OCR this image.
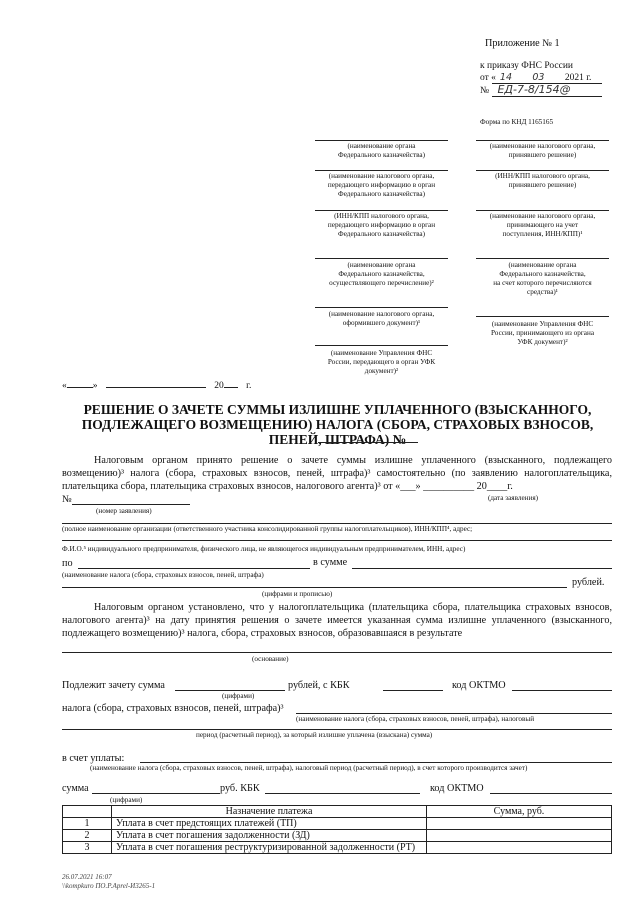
Приложение № 1
к приказу ФНС России
от « 14 03 2021 г.
№ ЕД-7-8/154@
Форма по КНД 1165165
(наименование органа
Федерального казначейства)
(наименование налогового органа,
передающего информацию в орган
Федерального казначейства)
(ИНН/КПП налогового органа,
передающего информацию в орган
Федерального казначейства)
(наименование органа
Федерального казначейства,
осуществляющего перечисление)²
(наименование налогового органа,
оформившего документ)¹
(наименование Управления ФНС
России, передающего в орган УФК
документ)²
(наименование налогового органа,
принявшего решение)
(ИНН/КПП налогового органа,
принявшего решение)
(наименование налогового органа,
принимающего на учет
поступления, ИНН/КПП)¹
(наименование органа
Федерального казначейства,
на счет которого перечисляются
средства)¹
(наименование Управления ФНС
России, принимающего из органа
УФК документ)²
«	»	20 г.
РЕШЕНИЕ О ЗАЧЕТЕ СУММЫ ИЗЛИШНЕ УПЛАЧЕННОГО (ВЗЫСКАННОГО, ПОДЛЕЖАЩЕГО ВОЗМЕЩЕНИЮ) НАЛОГА (СБОРА, СТРАХОВЫХ ВЗНОСОВ, ПЕНЕЙ, ШТРАФА) №
Налоговым органом принято решение о зачете суммы излишне уплаченного (взысканного, подлежащего возмещению)³ налога (сбора, страховых взносов, пеней, штрафа)³ самостоятельно (по заявлению налогоплательщика, плательщика сбора, плательщика страховых взносов, налогового агента)³ от «___» __________ 20____г.
№	(дата заявления)
(номер заявления)
(полное наименование организации (ответственного участника консолидированной группы налогоплательщиков), ИНН/КПП⁴, адрес;
Ф.И.О.⁵ индивидуального предпринимателя, физического лица, не являющегося индивидуальным предпринимателем, ИНН, адрес)
по	в сумме
(наименование налога (сбора, страховых взносов, пеней, штрафа)
рублей.
(цифрами и прописью)
Налоговым органом установлено, что у налогоплательщика (плательщика сбора, плательщика страховых взносов, налогового агента)³ на дату принятия решения о зачете имеется указанная сумма излишне уплаченного (взысканного, подлежащего возмещению)³ налога, сбора, страховых взносов, образовавшаяся в результате
(основание)
Подлежит зачету сумма	рублей, с КБК	код ОКТМО
(цифрами)
налога (сбора, страховых взносов, пеней, штрафа)³
(наименование налога (сбора, страховых взносов, пеней, штрафа), налоговый
период (расчетный период), за который излишне уплачена (взыскана) сумма)
в счет уплаты:
(наименование налога (сбора, страховых взносов, пеней, штрафа), налоговый период (расчетный период), в счет которого производится зачет)
сумма	руб. КБК	код ОКТМО
(цифрами)
	Назначение платежа	Сумма, руб.
1	Уплата в счет предстоящих платежей (ТП)	
2	Уплата в счет погашения задолженности (ЗД)	
3	Уплата в счет погашения реструктуризированной задолженности (РТ)	
26.07.2021 16:07
\\kompkuro ПО.Р.Aprel-И3265-1
